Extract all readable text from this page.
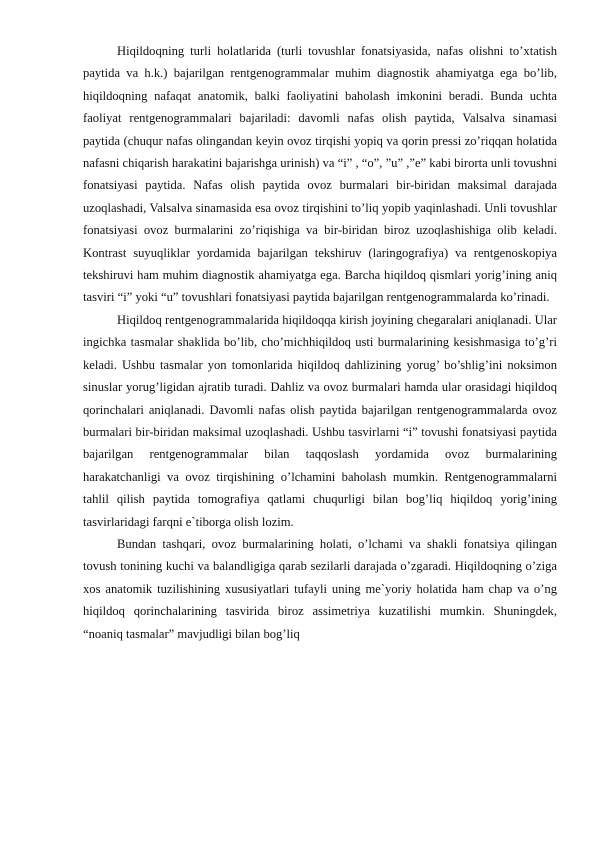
Hiqildoqning turli holatlarida (turli tovushlar fonatsiyasida, nafas olishni to’xtatish paytida va h.k.) bajarilgan rentgenogrammalar muhim diagnostik ahamiyatga ega bo’lib, hiqildoqning nafaqat anatomik, balki faoliyatini baholash imkonini beradi. Bunda uchta faoliyat rentgenogrammalari bajariladi: davomli nafas olish paytida, Valsalva sinamasi paytida (chuqur nafas olingandan keyin ovoz tirqishi yopiq va qorin pressi zo’riqqan holatida nafasni chiqarish harakatini bajarishga urinish) va “i” , “o”, ”u” ,”e” kabi birorta unli tovushni fonatsiyasi paytida. Nafas olish paytida ovoz burmalari bir-biridan maksimal darajada uzoqlashadi, Valsalva sinamasida esa ovoz tirqishini to’liq yopib yaqinlashadi. Unli tovushlar fonatsiyasi ovoz burmalarini zo’riqishiga va bir-biridan biroz uzoqlashishiga olib keladi. Kontrast suyuqliklar yordamida bajarilgan tekshiruv (laringografiya) va rentgenoskopiya tekshiruvi ham muhim diagnostik ahamiyatga ega. Barcha hiqildoq qismlari yorig’ining aniq tasviri “i” yoki “u” tovushlari fonatsiyasi paytida bajarilgan rentgenogrammalarda ko’rinadi.

Hiqildoq rentgenogrammalarida hiqildoqqa kirish joyining chegaralari aniqlanadi. Ular ingichka tasmalar shaklida bo’lib, cho’michhiqildoq usti burmalarining kesishmasiga to’g’ri keladi. Ushbu tasmalar yon tomonlarida hiqildoq dahlizining yorug’ bo’shlig’ini noksimon sinuslar yorug’ligidan ajratib turadi. Dahliz va ovoz burmalari hamda ular orasidagi hiqildoq qorinchalari aniqlanadi. Davomli nafas olish paytida bajarilgan rentgenogrammalarda ovoz burmalari bir-biridan maksimal uzoqlashadi. Ushbu tasvirlarni “i” tovushi fonatsiyasi paytida bajarilgan rentgenogrammalar bilan taqqoslash yordamida ovoz burmalarining harakatchanligi va ovoz tirqishining o’lchamini baholash mumkin. Rentgenogrammalarni tahlil qilish paytida tomografiya qatlami chuqurligi bilan bog’liq hiqildoq yorig’ining tasvirlaridagi farqni e`tiborga olish lozim.

Bundan tashqari, ovoz burmalarining holati, o’lchami va shakli fonatsiya qilingan tovush tonining kuchi va balandligiga qarab sezilarli darajada o’zgaradi. Hiqildoqning o’ziga xos anatomik tuzilishining xususiyatlari tufayli uning me`yoriy holatida ham chap va o’ng hiqildoq qorinchalarining tasvirida biroz assimetriya kuzatilishi mumkin. Shuningdek, “noaniq tasmalar” mavjudligi bilan bog’liq
